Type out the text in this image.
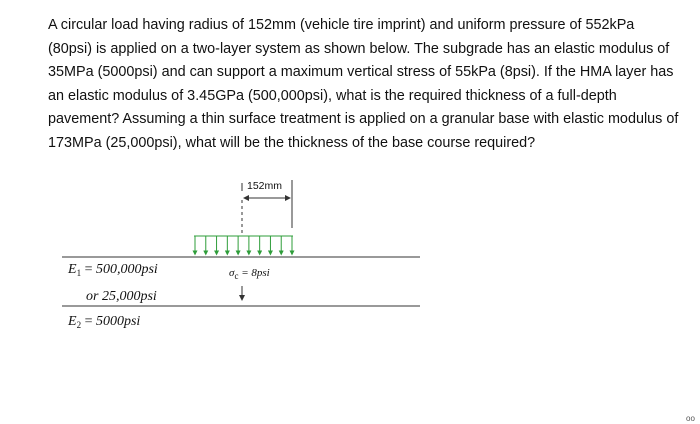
A circular load having radius of 152mm (vehicle tire imprint) and uniform pressure of 552kPa
(80psi) is applied on a two-layer system as shown below. The subgrade has an elastic modulus of
35MPa (5000psi) and can support a maximum vertical stress of 55kPa (8psi). If the HMA layer has
an elastic modulus of 3.45GPa (500,000psi), what is the required thickness of a full-depth
pavement? Assuming a thin surface treatment is applied on a granular base with elastic modulus of
173MPa (25,000psi), what will be the thickness of the base course required?
152mm
$E_1 = 500,000psi$
or 25,000psi
$E_2 = 5000psi$
$\sigma_c = 8psi$
oo
